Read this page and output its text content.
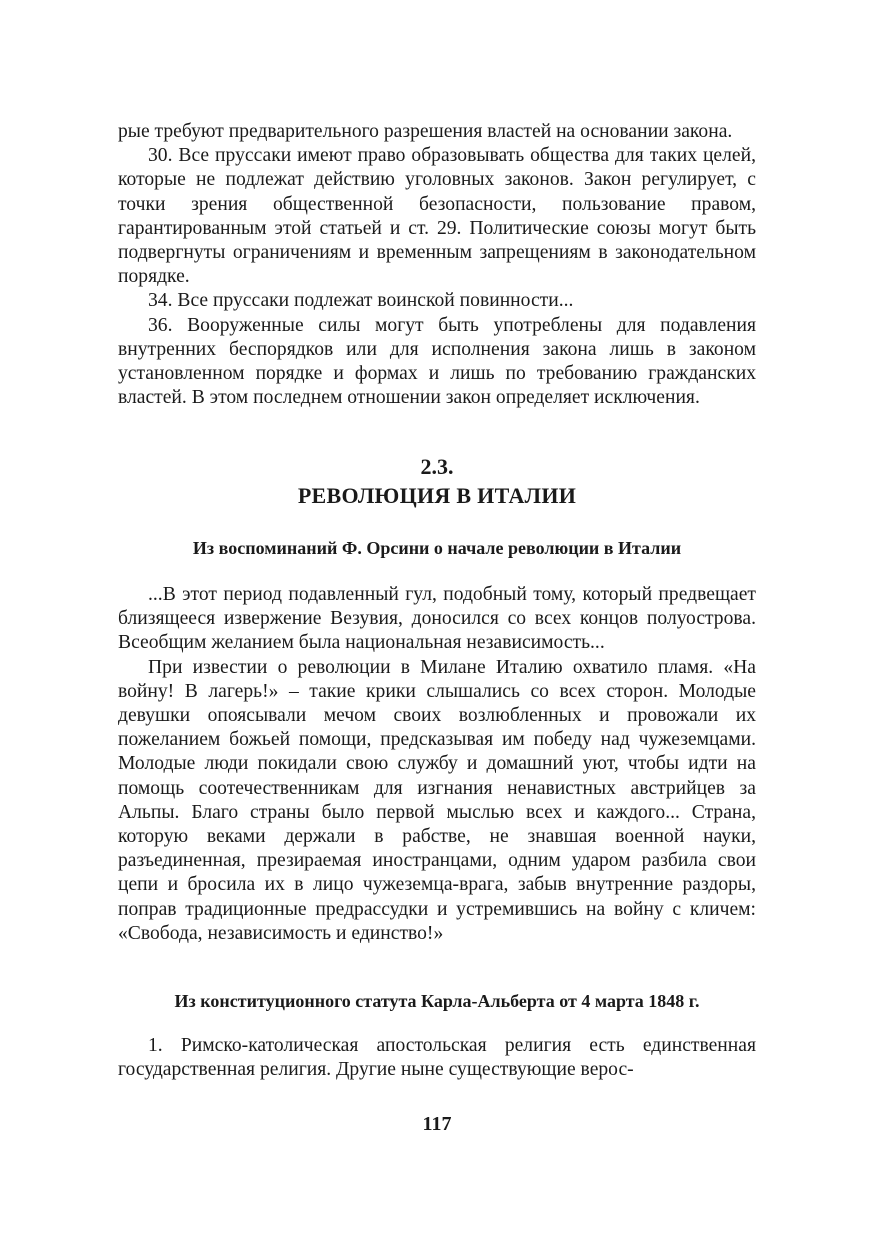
рые требуют предварительного разрешения властей на основании закона.

30. Все пруссаки имеют право образовывать общества для таких целей, которые не подлежат действию уголовных законов. Закон регулирует, с точки зрения общественной безопасности, пользование правом, гарантированным этой статьей и ст. 29. Политические союзы могут быть подвергнуты ограничениям и временным запрещениям в законодательном порядке.

34. Все пруссаки подлежат воинской повинности...

36. Вооруженные силы могут быть употреблены для подавления внутренних беспорядков или для исполнения закона лишь в законом установленном порядке и формах и лишь по требованию гражданских властей. В этом последнем отношении закон определяет исключения.

2.3.
РЕВОЛЮЦИЯ В ИТАЛИИ
Из воспоминаний Ф. Орсини о начале революции в Италии

...В этот период подавленный гул, подобный тому, который предвещает близящееся извержение Везувия, доносился со всех концов полуострова. Всеобщим желанием была национальная независимость...

При известии о революции в Милане Италию охватило пламя. «На войну! В лагерь!» – такие крики слышались со всех сторон. Молодые девушки опоясывали мечом своих возлюбленных и провожали их пожеланием божьей помощи, предсказывая им победу над чужеземцами. Молодые люди покидали свою службу и домашний уют, чтобы идти на помощь соотечественникам для изгнания ненавистных австрийцев за Альпы. Благо страны было первой мыслью всех и каждого... Страна, которую веками держали в рабстве, не знавшая военной науки, разъединенная, презираемая иностранцами, одним ударом разбила свои цепи и бросила их в лицо чужеземца-врага, забыв внутренние раздоры, поправ традиционные предрассудки и устремившись на войну с кличем: «Свобода, независимость и единство!»

Из конституционного статута Карла-Альберта от 4 марта 1848 г.

1. Римско-католическая апостольская религия есть единственная государственная религия. Другие ныне существующие верос-

117
